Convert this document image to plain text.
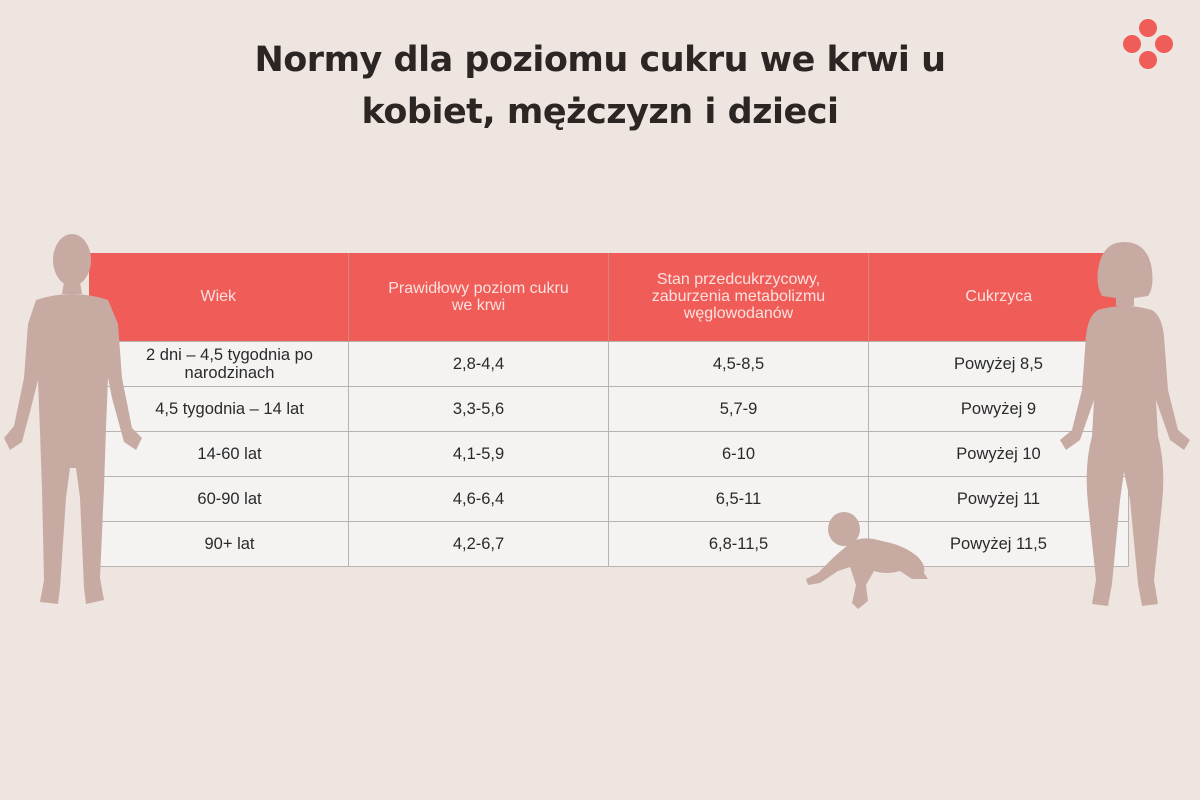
Normy dla poziomu cukru we krwi u
kobiet, mężczyzn i dzieci
Wiek	Prawidłowy poziom cukru we krwi	Stan przedcukrzycowy, zaburzenia metabolizmu węglowodanów	Cukrzyca
2 dni – 4,5 tygodnia po narodzinach	2,8-4,4	4,5-8,5	Powyżej 8,5
4,5 tygodnia – 14 lat	3,3-5,6	5,7-9	Powyżej 9
14-60 lat	4,1-5,9	6-10	Powyżej 10
60-90 lat	4,6-6,4	6,5-11	Powyżej 11
90+ lat	4,2-6,7	6,8-11,5	Powyżej 11,5
